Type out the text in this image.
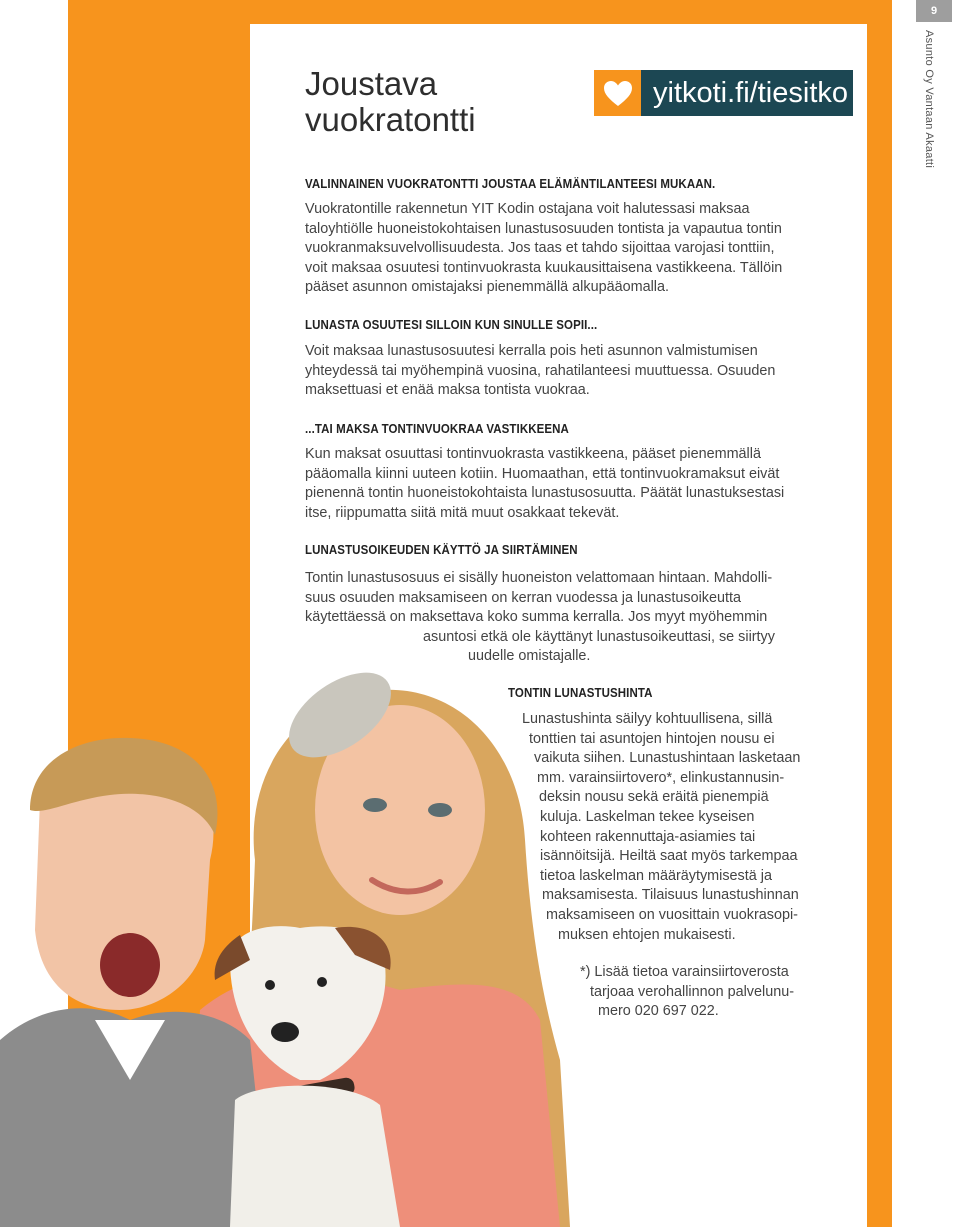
9
Asunto Oy Vantaan Akaatti
Joustava
vuokratontti
yitkoti.fi/tiesitko
VALINNAINEN VUOKRATONTTI JOUSTAA ELÄMÄNTILANTEESI MUKAAN.
Vuokratontille rakennetun YIT Kodin ostajana voit halutessasi maksaa
taloyhtiölle huoneistokohtaisen lunastusosuuden tontista ja vapautua tontin
vuokranmaksuvelvollisuudesta. Jos taas et tahdo sijoittaa varojasi tonttiin,
voit maksaa osuutesi tontinvuokrasta kuukausittaisena vastikkeena. Tällöin
pääset asunnon omistajaksi pienemmällä alkupääomalla.
LUNASTA OSUUTESI SILLOIN KUN SINULLE SOPII...
Voit maksaa lunastusosuutesi kerralla pois heti asunnon valmistumisen
yhteydessä tai myöhempinä vuosina, rahatilanteesi muuttuessa. Osuuden
maksettuasi et enää maksa tontista vuokraa.
...TAI MAKSA TONTINVUOKRAA VASTIKKEENA
Kun maksat osuuttasi tontinvuokrasta vastikkeena, pääset pienemmällä
pääomalla kiinni uuteen kotiin. Huomaathan, että tontinvuokramaksut eivät
pienennä tontin huoneistokohtaista lunastusosuutta. Päätät lunastuksestasi
itse, riippumatta siitä mitä muut osakkaat tekevät.
LUNASTUSOIKEUDEN KÄYTTÖ JA SIIRTÄMINEN
Tontin lunastusosuus ei sisälly huoneiston velattomaan hintaan. Mahdolli-
suus osuuden maksamiseen on kerran vuodessa ja lunastusoikeutta
käytettäessä on maksettava koko summa kerralla. Jos myyt myöhemmin
asuntosi etkä ole käyttänyt lunastusoikeuttasi, se siirtyy
uudelle omistajalle.
TONTIN LUNASTUSHINTA
Lunastushinta säilyy kohtuullisena, sillä
tonttien tai asuntojen hintojen nousu ei
vaikuta siihen. Lunastushintaan lasketaan
mm. varainsiirtovero*, elinkustannusin-
deksin nousu sekä eräitä pienempiä
kuluja. Laskelman tekee kyseisen
kohteen rakennuttaja-asiamies tai
isännöitsijä. Heiltä saat myös tarkempaa
tietoa laskelman määräytymisestä ja
maksamisesta. Tilaisuus lunastushinnan
maksamiseen on vuosittain vuokrasopi-
muksen ehtojen mukaisesti.
*) Lisää tietoa varainsiirtoverosta
tarjoaa verohallinnon palvelunu-
mero 020 697 022.
